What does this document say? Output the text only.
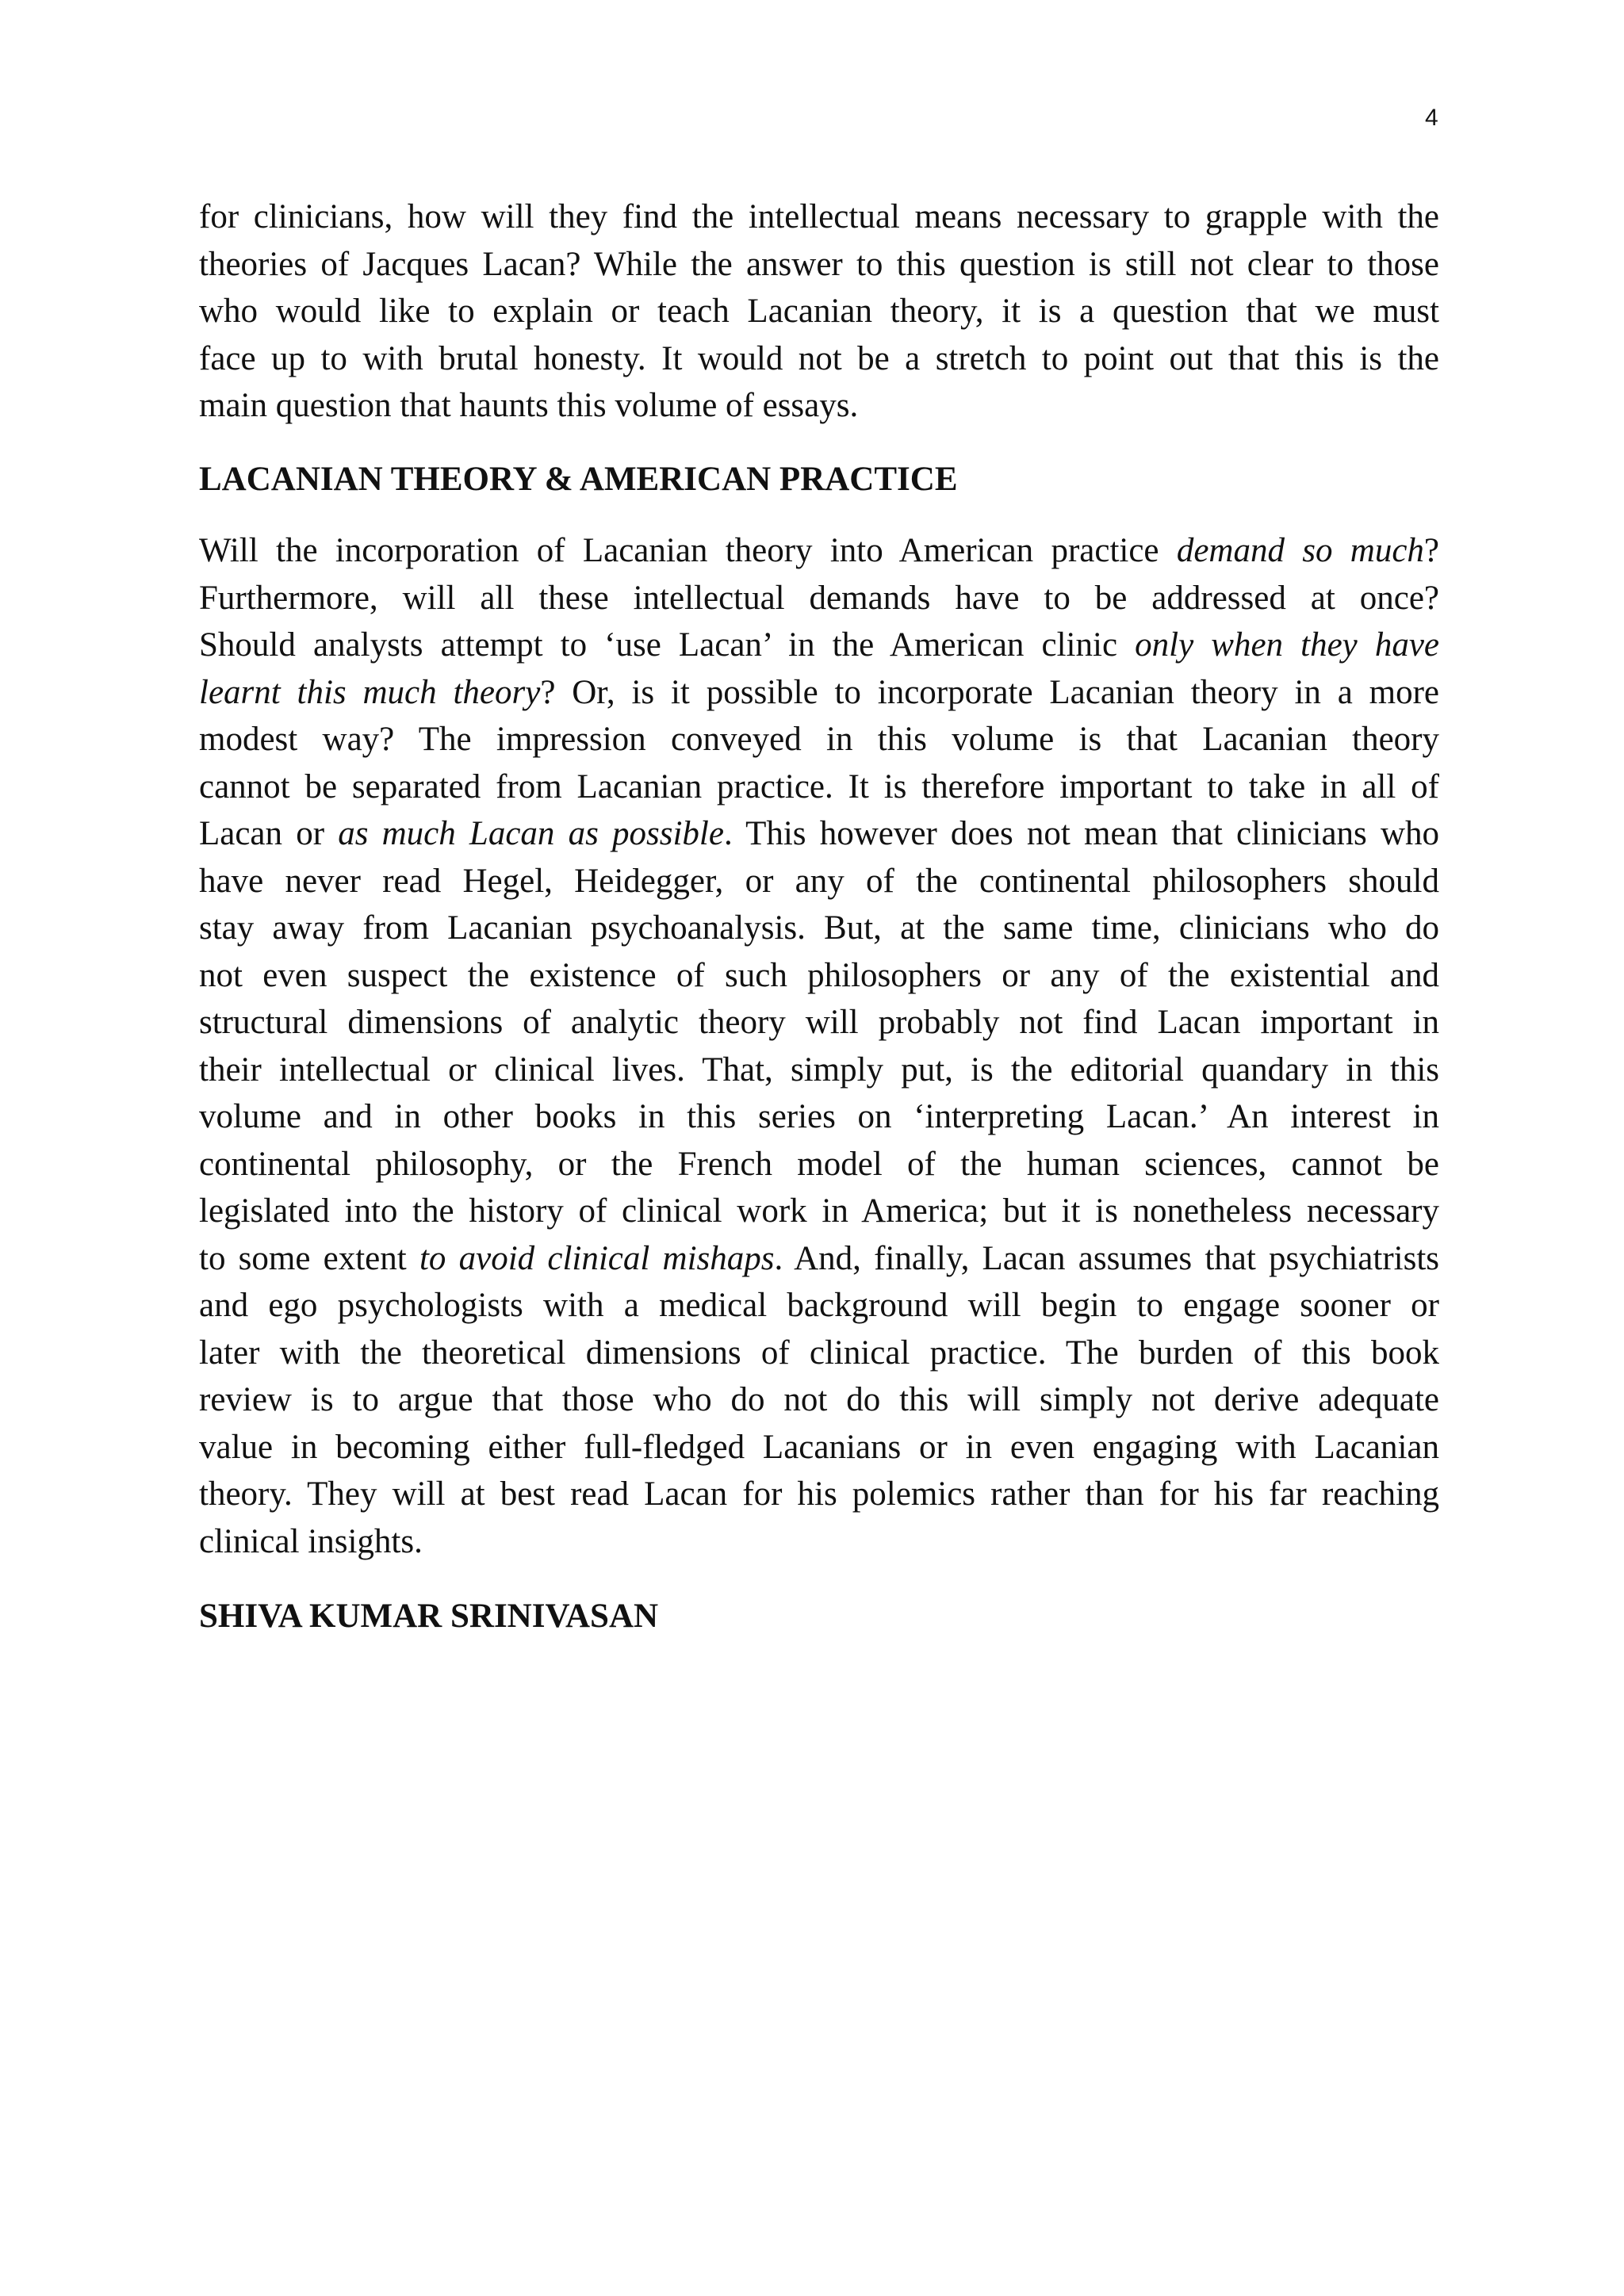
4
for clinicians, how will they find the intellectual means necessary to grapple with the
theories of Jacques Lacan? While the answer to this question is still not clear to those
who would like to explain or teach Lacanian theory, it is a question that we must
face up to with brutal honesty. It would not be a stretch to point out that this is the
main question that haunts this volume of essays.
LACANIAN THEORY & AMERICAN PRACTICE
Will the incorporation of Lacanian theory into American practice demand so much?
Furthermore, will all these intellectual demands have to be addressed at once?
Should analysts attempt to ‘use Lacan’ in the American clinic only when they have
learnt this much theory? Or, is it possible to incorporate Lacanian theory in a more
modest way? The impression conveyed in this volume is that Lacanian theory
cannot be separated from Lacanian practice. It is therefore important to take in all of
Lacan or as much Lacan as possible. This however does not mean that clinicians who
have never read Hegel, Heidegger, or any of the continental philosophers should
stay away from Lacanian psychoanalysis. But, at the same time, clinicians who do
not even suspect the existence of such philosophers or any of the existential and
structural dimensions of analytic theory will probably not find Lacan important in
their intellectual or clinical lives. That, simply put, is the editorial quandary in this
volume and in other books in this series on ‘interpreting Lacan.’ An interest in
continental philosophy, or the French model of the human sciences, cannot be
legislated into the history of clinical work in America; but it is nonetheless necessary
to some extent to avoid clinical mishaps. And, finally, Lacan assumes that psychiatrists
and ego psychologists with a medical background will begin to engage sooner or
later with the theoretical dimensions of clinical practice. The burden of this book
review is to argue that those who do not do this will simply not derive adequate
value in becoming either full-fledged Lacanians or in even engaging with Lacanian
theory. They will at best read Lacan for his polemics rather than for his far reaching
clinical insights.
SHIVA KUMAR SRINIVASAN
